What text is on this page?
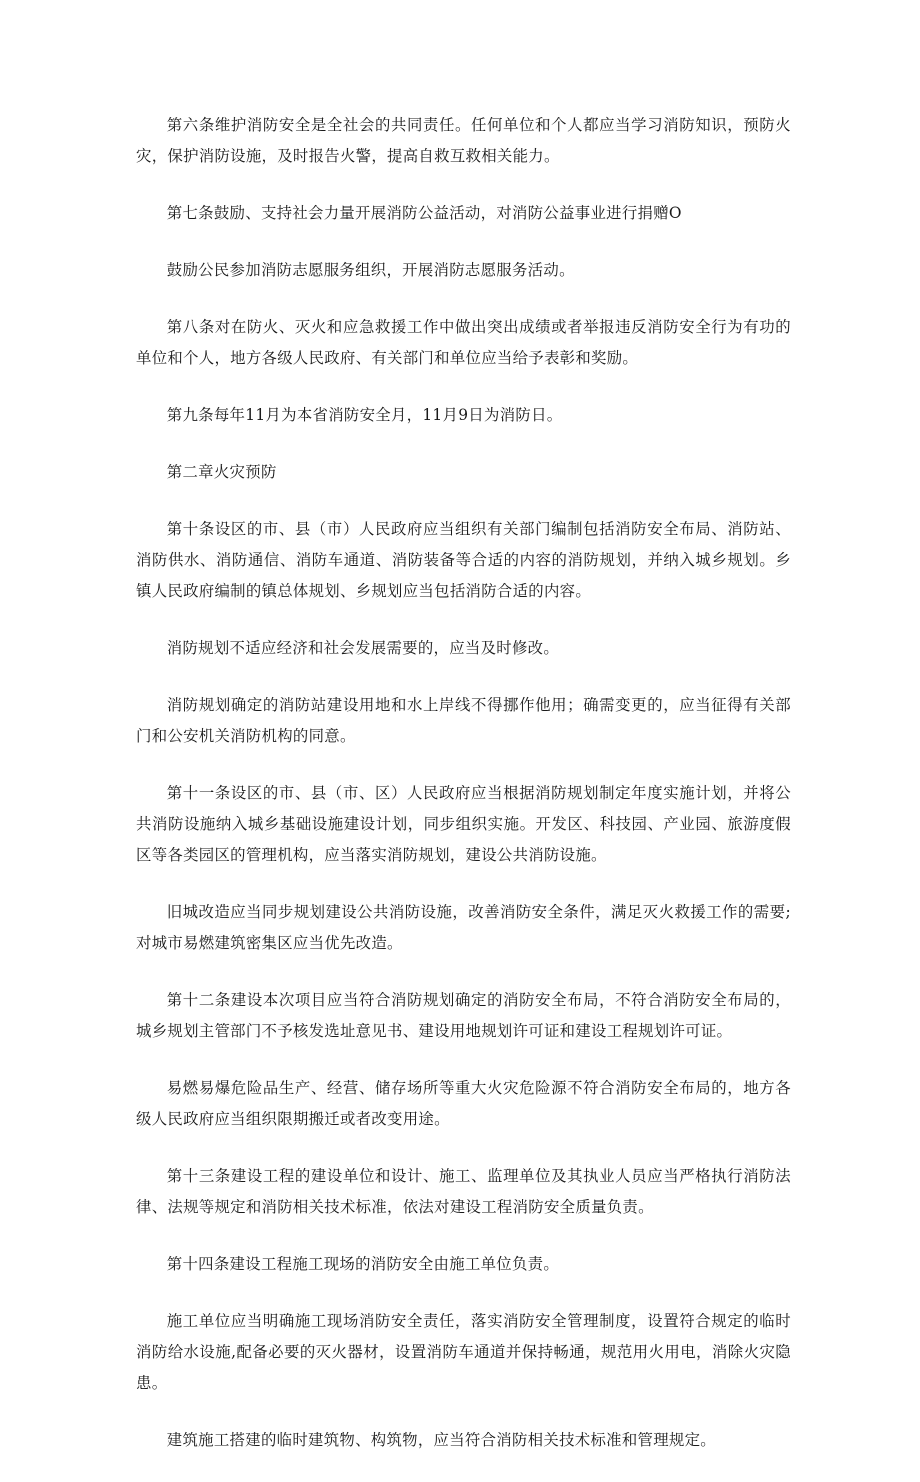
第六条维护消防安全是全社会的共同责任。任何单位和个人都应当学习消防知识，预防火灾，保护消防设施，及时报告火警，提高自救互救相关能力。

第七条鼓励、支持社会力量开展消防公益活动，对消防公益事业进行捐赠O

鼓励公民参加消防志愿服务组织，开展消防志愿服务活动。

第八条对在防火、灭火和应急救援工作中做出突出成绩或者举报违反消防安全行为有功的单位和个人，地方各级人民政府、有关部门和单位应当给予表彰和奖励。

第九条每年11月为本省消防安全月，11月9日为消防日。

第二章火灾预防

第十条设区的市、县（市）人民政府应当组织有关部门编制包括消防安全布局、消防站、消防供水、消防通信、消防车通道、消防装备等合适的内容的消防规划，并纳入城乡规划。乡镇人民政府编制的镇总体规划、乡规划应当包括消防合适的内容。

消防规划不适应经济和社会发展需要的，应当及时修改。

消防规划确定的消防站建设用地和水上岸线不得挪作他用；确需变更的，应当征得有关部门和公安机关消防机构的同意。

第十一条设区的市、县（市、区）人民政府应当根据消防规划制定年度实施计划，并将公共消防设施纳入城乡基础设施建设计划，同步组织实施。开发区、科技园、产业园、旅游度假区等各类园区的管理机构，应当落实消防规划，建设公共消防设施。

旧城改造应当同步规划建设公共消防设施，改善消防安全条件，满足灭火救援工作的需要;对城市易燃建筑密集区应当优先改造。

第十二条建设本次项目应当符合消防规划确定的消防安全布局，不符合消防安全布局的，城乡规划主管部门不予核发选址意见书、建设用地规划许可证和建设工程规划许可证。

易燃易爆危险品生产、经营、储存场所等重大火灾危险源不符合消防安全布局的，地方各级人民政府应当组织限期搬迁或者改变用途。

第十三条建设工程的建设单位和设计、施工、监理单位及其执业人员应当严格执行消防法律、法规等规定和消防相关技术标准，依法对建设工程消防安全质量负责。

第十四条建设工程施工现场的消防安全由施工单位负责。

施工单位应当明确施工现场消防安全责任，落实消防安全管理制度，设置符合规定的临时消防给水设施,配备必要的灭火器材，设置消防车通道并保持畅通，规范用火用电，消除火灾隐患。

建筑施工搭建的临时建筑物、构筑物，应当符合消防相关技术标准和管理规定。
